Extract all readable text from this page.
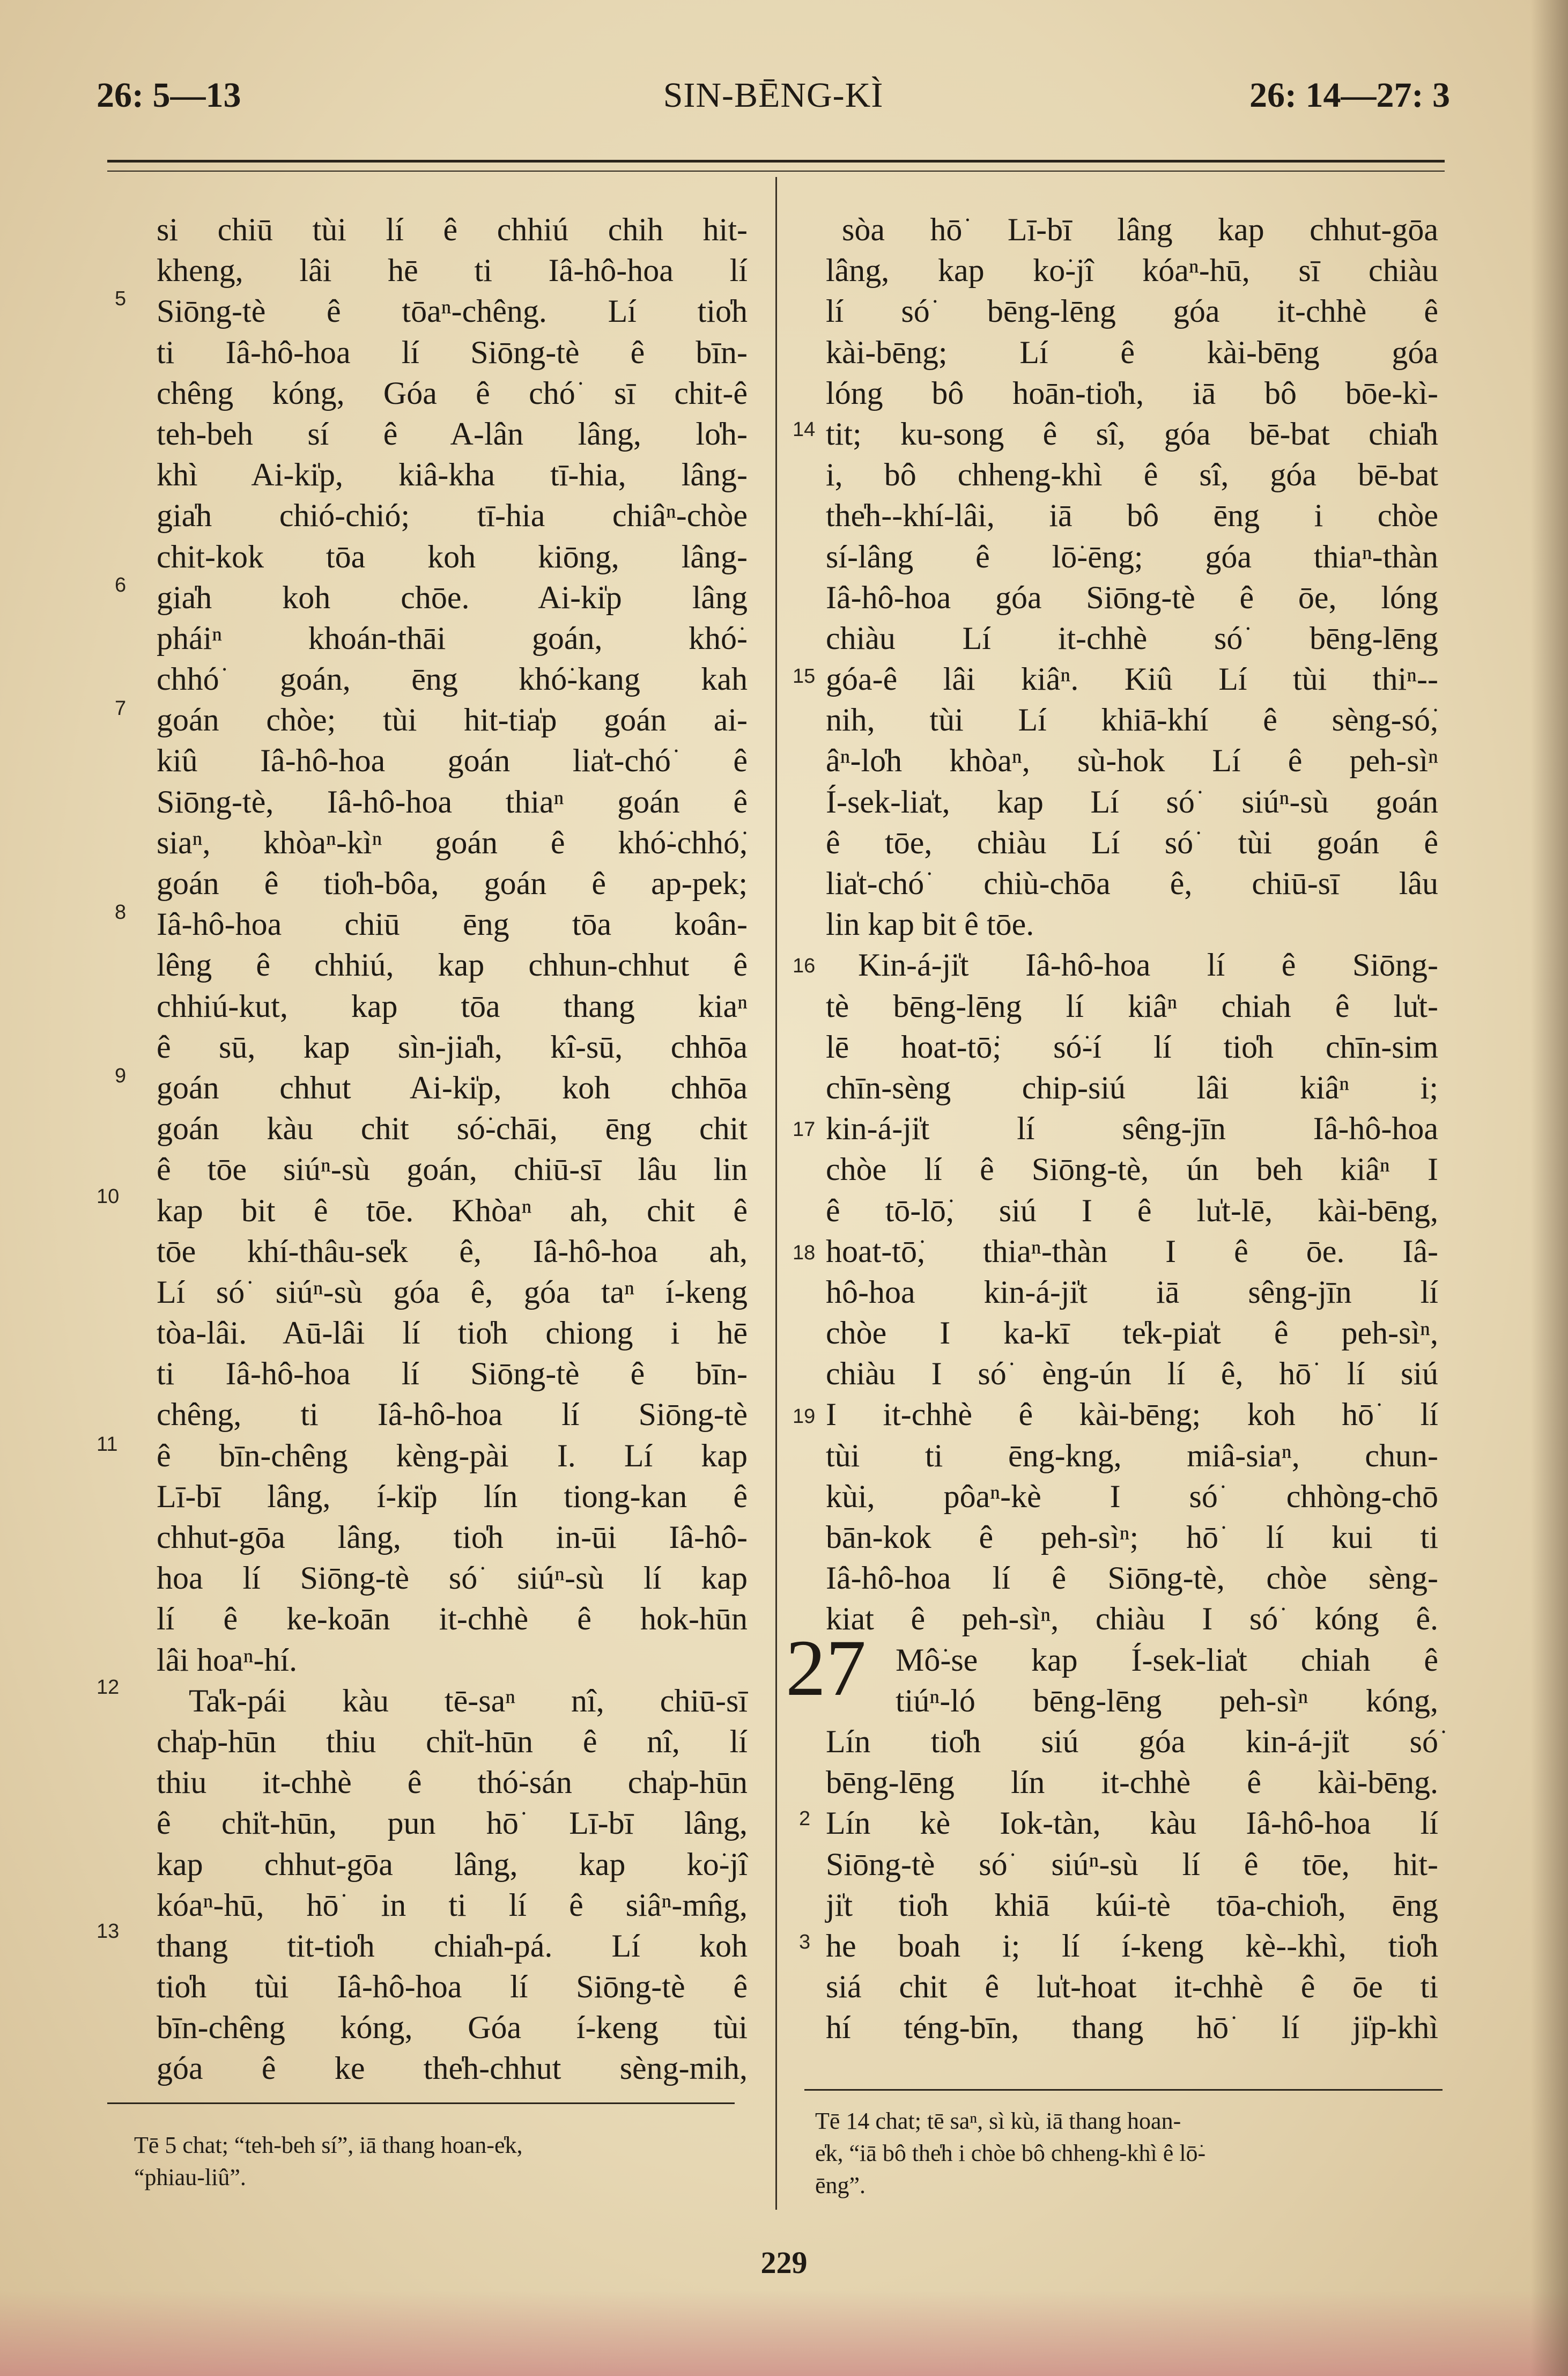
26: 5—13	SIN-BĒNG-KÌ	26: 14—27: 3
5
6
7
8
9
10
11
12
13
si chiū tùi lí ê chhiú chih hit-
kheng, lâi hē ti Iâ-hô-hoa lí
Siōng-tè ê tōaⁿ-chêng. Lí tio̍h
ti Iâ-hô-hoa lí Siōng-tè ê bīn-
chêng kóng, Góa ê chó͘ sī chit-ê
teh-beh sí ê A-lân lâng, lo̍h-
khì Ai-ki̍p, kiâ-kha tī-hia, lâng-
gia̍h chió-chió; tī-hia chiâⁿ-chòe
chit-kok tōa koh kiōng, lâng-
gia̍h koh chōe. Ai-ki̍p lâng
pháiⁿ khoán-thāi goán, khó͘-
chhó͘ goán, ēng khó͘-kang kah
goán chòe; tùi hit-tia̍p goán ai-
kiû Iâ-hô-hoa goán lia̍t-chó͘ ê
Siōng-tè, Iâ-hô-hoa thiaⁿ goán ê
siaⁿ, khòaⁿ-kìⁿ goán ê khó͘-chhó͘,
goán ê tio̍h-bôa, goán ê ap-pek;
Iâ-hô-hoa chiū ēng tōa koân-
lêng ê chhiú, kap chhun-chhut ê
chhiú-kut, kap tōa thang kiaⁿ
ê sū, kap sìn-jia̍h, kî-sū, chhōa
goán chhut Ai-ki̍p, koh chhōa
goán kàu chit só͘-chāi, ēng chit
ê tōe siúⁿ-sù goán, chiū-sī lâu lin
kap bit ê tōe. Khòaⁿ ah, chit ê
tōe khí-thâu-se̍k ê, Iâ-hô-hoa ah,
Lí só͘ siúⁿ-sù góa ê, góa taⁿ í-keng
tòa-lâi. Aū-lâi lí tio̍h chiong i hē
ti Iâ-hô-hoa lí Siōng-tè ê bīn-
chêng, ti Iâ-hô-hoa lí Siōng-tè
ê bīn-chêng kèng-pài I. Lí kap
Lī-bī lâng, í-ki̍p lín tiong-kan ê
chhut-gōa lâng, tio̍h in-ūi Iâ-hô-
hoa lí Siōng-tè só͘ siúⁿ-sù lí kap
lí ê ke-koān it-chhè ê hok-hūn
lâi hoaⁿ-hí.
Ta̍k-pái kàu tē-saⁿ nî, chiū-sī
cha̍p-hūn thiu chi̍t-hūn ê nî, lí
thiu it-chhè ê thó͘-sán cha̍p-hūn
ê chi̍t-hūn, pun hō͘ Lī-bī lâng,
kap chhut-gōa lâng, kap ko͘-jî
kóaⁿ-hū, hō͘ in ti lí ê siâⁿ-mn̂g,
thang tit-tio̍h chia̍h-pá. Lí koh
tio̍h tùi Iâ-hô-hoa lí Siōng-tè ê
bīn-chêng kóng, Góa í-keng tùi
góa ê ke the̍h-chhut sèng-mih,
14
15
16
17
18
19
2
3
27
sòa hō͘ Lī-bī lâng kap chhut-gōa
lâng, kap ko͘-jî kóaⁿ-hū, sī chiàu
lí só͘ bēng-lēng góa it-chhè ê
kài-bēng; Lí ê kài-bēng góa
lóng bô hoān-tio̍h, iā bô bōe-kì-
tit; ku-song ê sî, góa bē-bat chia̍h
i, bô chheng-khì ê sî, góa bē-bat
the̍h--khí-lâi, iā bô ēng i chòe
sí-lâng ê lō͘-ēng; góa thiaⁿ-thàn
Iâ-hô-hoa góa Siōng-tè ê ōe, lóng
chiàu Lí it-chhè só͘ bēng-lēng
góa-ê lâi kiâⁿ. Kiû Lí tùi thiⁿ--
nih, tùi Lí khiā-khí ê sèng-só͘,
âⁿ-lo̍h khòaⁿ, sù-hok Lí ê peh-sìⁿ
Í-sek-lia̍t, kap Lí só͘ siúⁿ-sù goán
ê tōe, chiàu Lí só͘ tùi goán ê
lia̍t-chó͘ chiù-chōa ê, chiū-sī lâu
lin kap bit ê tōe.
Kin-á-ji̍t Iâ-hô-hoa lí ê Siōng-
tè bēng-lēng lí kiâⁿ chiah ê lu̍t-
lē hoat-tō͘; só͘-í lí tio̍h chīn-sim
chīn-sèng chip-siú lâi kiâⁿ i;
kin-á-ji̍t lí sêng-jīn Iâ-hô-hoa
chòe lí ê Siōng-tè, ún beh kiâⁿ I
ê tō-lō͘, siú I ê lu̍t-lē, kài-bēng,
hoat-tō͘, thiaⁿ-thàn I ê ōe. Iâ-
hô-hoa kin-á-ji̍t iā sêng-jīn lí
chòe I ka-kī te̍k-pia̍t ê peh-sìⁿ,
chiàu I só͘ èng-ún lí ê, hō͘ lí siú
I it-chhè ê kài-bēng; koh hō͘ lí
tùi ti ēng-kng, miâ-siaⁿ, chun-
kùi, pôaⁿ-kè I só͘ chhòng-chō
bān-kok ê peh-sìⁿ; hō͘ lí kui ti
Iâ-hô-hoa lí ê Siōng-tè, chòe sèng-
kiat ê peh-sìⁿ, chiàu I só͘ kóng ê.
Mô͘-se kap Í-sek-lia̍t chiah ê
tiúⁿ-ló bēng-lēng peh-sìⁿ kóng,
Lín tio̍h siú góa kin-á-ji̍t só͘
bēng-lēng lín it-chhè ê kài-bēng.
Lín kè Iok-tàn, kàu Iâ-hô-hoa lí
Siōng-tè só͘ siúⁿ-sù lí ê tōe, hit-
ji̍t tio̍h khiā kúi-tè tōa-chio̍h, ēng
he boah i; lí í-keng kè--khì, tio̍h
siá chit ê lu̍t-hoat it-chhè ê ōe ti
hí téng-bīn, thang hō͘ lí ji̍p-khì
Tē 5 chat; “teh-beh sí”, iā thang hoan-e̍k,
“phiau-liû”.
Tē 14 chat; tē saⁿ, sì kù, iā thang hoan-
e̍k, “iā bô the̍h i chòe bô chheng-khì ê lō͘-
ēng”.
229
